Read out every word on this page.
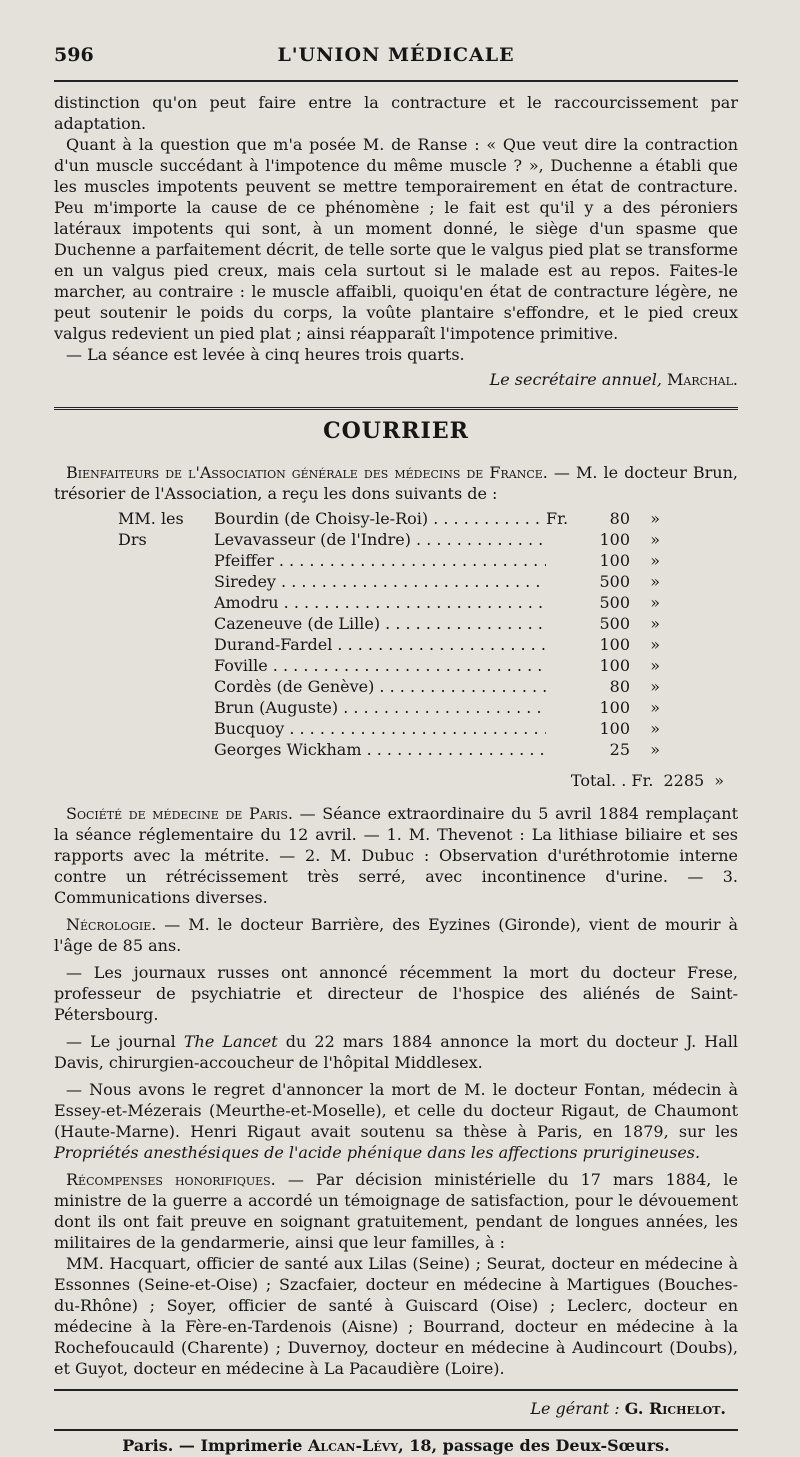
596	L'UNION MÉDICALE

distinction qu'on peut faire entre la contracture et le raccourcissement par adaptation.

Quant à la question que m'a posée M. de Ranse : « Que veut dire la contraction d'un muscle succédant à l'impotence du même muscle ? », Duchenne a établi que les muscles impotents peuvent se mettre temporairement en état de contracture. Peu m'importe la cause de ce phénomène ; le fait est qu'il y a des péroniers latéraux impotents qui sont, à un moment donné, le siège d'un spasme que Duchenne a parfaitement décrit, de telle sorte que le valgus pied plat se transforme en un valgus pied creux, mais cela surtout si le malade est au repos. Faites-le marcher, au contraire : le muscle affaibli, quoiqu'en état de contracture légère, ne peut soutenir le poids du corps, la voûte plantaire s'effondre, et le pied creux valgus redevient un pied plat ; ainsi réapparaît l'impotence primitive.

— La séance est levée à cinq heures trois quarts.

Le secrétaire annuel, Marchal.
COURRIER

Bienfaiteurs de l'Association générale des médecins de France. — M. le docteur Brun, trésorier de l'Association, a reçu les dons suivants de :

MM. les Drs
Bourdin (de Choisy-le-Roi) . . .	Fr.	80	»
Levavasseur (de l'Indre) . . .	100	»
Pfeiffer . . .	100	»
Siredey . . .	500	»
Amodru . . .	500	»
Cazeneuve (de Lille) . . .	500	»
Durand-Fardel . . .	100	»
Foville . . .	100	»
Cordès (de Genève) . . .	80	»
Brun (Auguste) . . .	100	»
Bucquoy . . .	100	»
Georges Wickham . . .	25	»
Total. . Fr. 2285 »

Société de médecine de Paris. — Séance extraordinaire du 5 avril 1884 remplaçant la séance réglementaire du 12 avril. — 1. M. Thevenot : La lithiase biliaire et ses rapports avec la métrite. — 2. M. Dubuc : Observation d'uréthrotomie interne contre un rétrécissement très serré, avec incontinence d'urine. — 3. Communications diverses.

Nécrologie. — M. le docteur Barrière, des Eyzines (Gironde), vient de mourir à l'âge de 85 ans.

— Les journaux russes ont annoncé récemment la mort du docteur Frese, professeur de psychiatrie et directeur de l'hospice des aliénés de Saint-Pétersbourg.

— Le journal The Lancet du 22 mars 1884 annonce la mort du docteur J. Hall Davis, chirurgien-accoucheur de l'hôpital Middlesex.

— Nous avons le regret d'annoncer la mort de M. le docteur Fontan, médecin à Essey-et-Mézerais (Meurthe-et-Moselle), et celle du docteur Rigaut, de Chaumont (Haute-Marne). Henri Rigaut avait soutenu sa thèse à Paris, en 1879, sur les Propriétés anesthésiques de l'acide phénique dans les affections prurigineuses.

Récompenses honorifiques. — Par décision ministérielle du 17 mars 1884, le ministre de la guerre a accordé un témoignage de satisfaction, pour le dévouement dont ils ont fait preuve en soignant gratuitement, pendant de longues années, les militaires de la gendarmerie, ainsi que leur familles, à :

MM. Hacquart, officier de santé aux Lilas (Seine) ; Seurat, docteur en médecine à Essonnes (Seine-et-Oise) ; Szacfaier, docteur en médecine à Martigues (Bouches-du-Rhône) ; Soyer, officier de santé à Guiscard (Oise) ; Leclerc, docteur en médecine à la Fère-en-Tardenois (Aisne) ; Bourrand, docteur en médecine à la Rochefoucauld (Charente) ; Duvernoy, docteur en médecine à Audincourt (Doubs), et Guyot, docteur en médecine à La Pacaudière (Loire).

Le gérant : G. Richelot.
Paris. — Imprimerie Alcan-Lévy, 18, passage des Deux-Sœurs.
